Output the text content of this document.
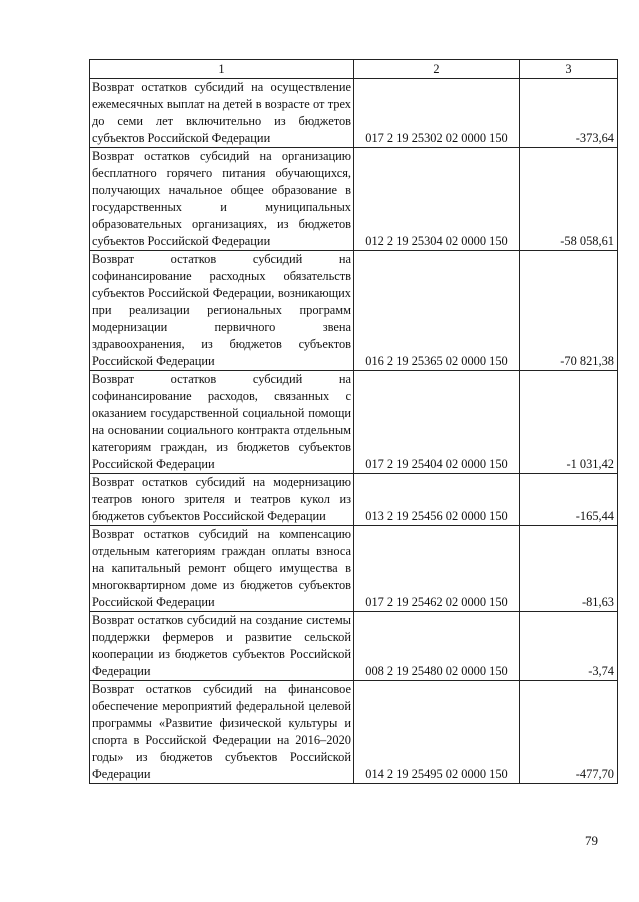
1	2	3
Возврат остатков субсидий на осуществление ежемесячных выплат на детей в возрасте от трех до семи лет включительно из бюджетов субъектов Российской Федерации	017 2 19 25302 02 0000 150	-373,64
Возврат остатков субсидий на организацию бесплатного горячего питания обучающихся, получающих начальное общее образование в государственных и муниципальных образовательных организациях, из бюджетов субъектов Российской Федерации	012 2 19 25304 02 0000 150	-58 058,61
Возврат остатков субсидий на софинансирование расходных обязательств субъектов Российской Федерации, возникающих при реализации региональных программ модернизации первичного звена здравоохранения, из бюджетов субъектов Российской Федерации	016 2 19 25365 02 0000 150	-70 821,38
Возврат остатков субсидий на софинансирование расходов, связанных с оказанием государственной социальной помощи на основании социального контракта отдельным категориям граждан, из бюджетов субъектов Российской Федерации	017 2 19 25404 02 0000 150	-1 031,42
Возврат остатков субсидий на модернизацию театров юного зрителя и театров кукол из бюджетов субъектов Российской Федерации	013 2 19 25456 02 0000 150	-165,44
Возврат остатков субсидий на компенсацию отдельным категориям граждан оплаты взноса на капитальный ремонт общего имущества в многоквартирном доме из бюджетов субъектов Российской Федерации	017 2 19 25462 02 0000 150	-81,63
Возврат остатков субсидий на создание системы поддержки фермеров и развитие сельской кооперации из бюджетов субъектов Российской Федерации	008 2 19 25480 02 0000 150	-3,74
Возврат остатков субсидий на финансовое обеспечение мероприятий федеральной целевой программы «Развитие физической культуры и спорта в Российской Федерации на 2016–2020 годы» из бюджетов субъектов Российской Федерации	014 2 19 25495 02 0000 150	-477,70
79
